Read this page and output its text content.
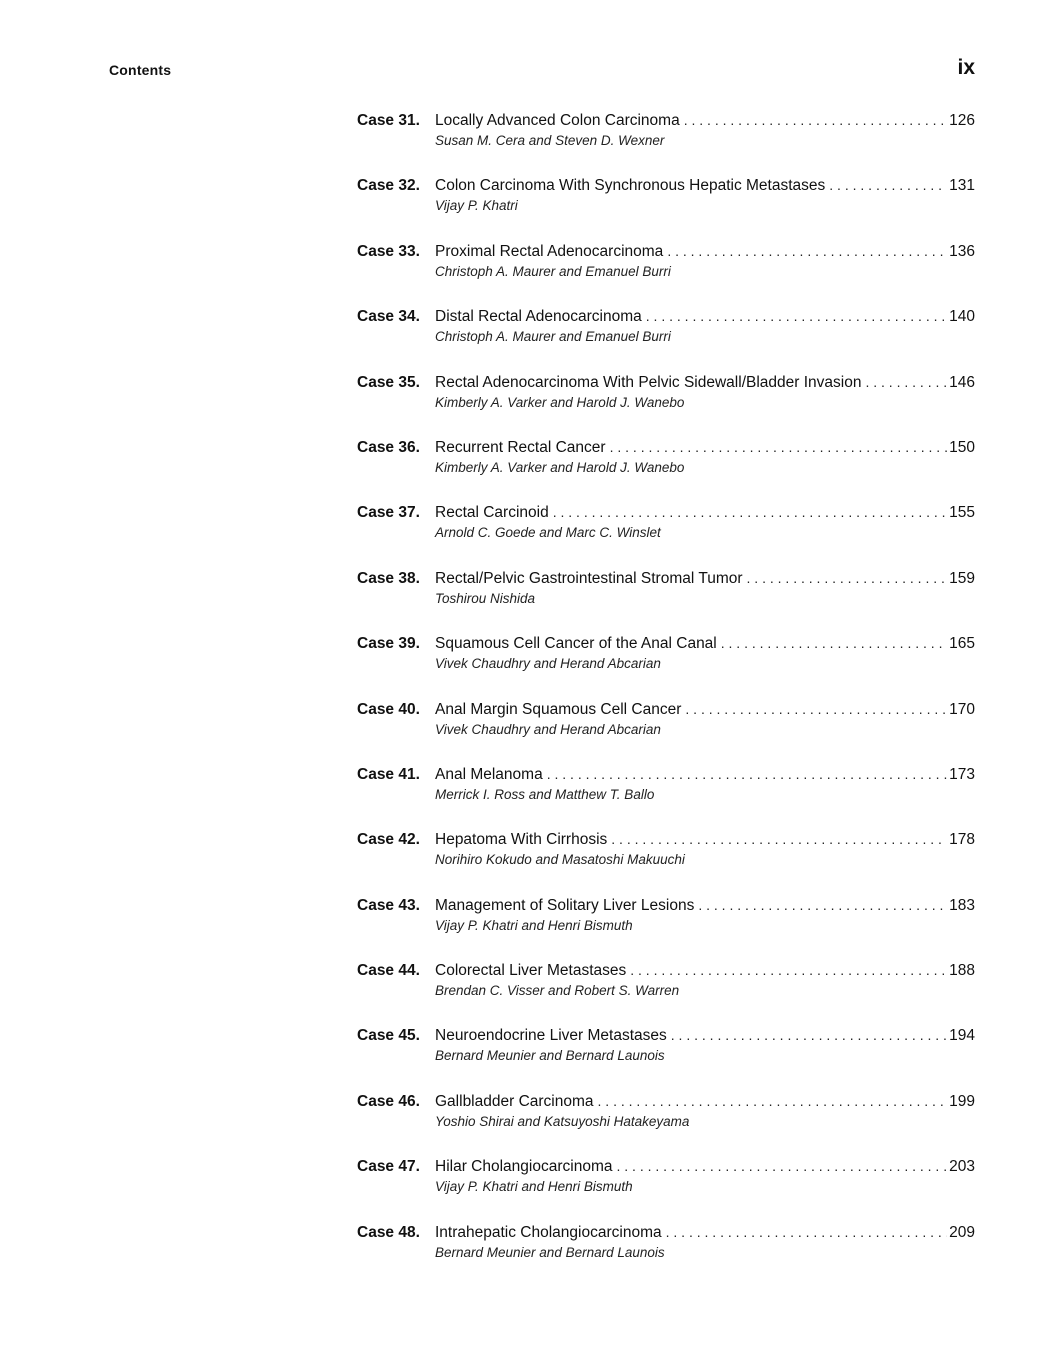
Contents	ix
Case 31. Locally Advanced Colon Carcinoma . . .	126
Susan M. Cera and Steven D. Wexner
Case 32. Colon Carcinoma With Synchronous Hepatic Metastases . . .	131
Vijay P. Khatri
Case 33. Proximal Rectal Adenocarcinoma . . .	136
Christoph A. Maurer and Emanuel Burri
Case 34. Distal Rectal Adenocarcinoma . . .	140
Christoph A. Maurer and Emanuel Burri
Case 35. Rectal Adenocarcinoma With Pelvic Sidewall/Bladder Invasion . . .	146
Kimberly A. Varker and Harold J. Wanebo
Case 36. Recurrent Rectal Cancer . . .	150
Kimberly A. Varker and Harold J. Wanebo
Case 37. Rectal Carcinoid . . .	155
Arnold C. Goede and Marc C. Winslet
Case 38. Rectal/Pelvic Gastrointestinal Stromal Tumor . . .	159
Toshirou Nishida
Case 39. Squamous Cell Cancer of the Anal Canal . . .	165
Vivek Chaudhry and Herand Abcarian
Case 40. Anal Margin Squamous Cell Cancer . . .	170
Vivek Chaudhry and Herand Abcarian
Case 41. Anal Melanoma . . .	173
Merrick I. Ross and Matthew T. Ballo
Case 42. Hepatoma With Cirrhosis . . .	178
Norihiro Kokudo and Masatoshi Makuuchi
Case 43. Management of Solitary Liver Lesions . . .	183
Vijay P. Khatri and Henri Bismuth
Case 44. Colorectal Liver Metastases . . .	188
Brendan C. Visser and Robert S. Warren
Case 45. Neuroendocrine Liver Metastases . . .	194
Bernard Meunier and Bernard Launois
Case 46. Gallbladder Carcinoma . . .	199
Yoshio Shirai and Katsuyoshi Hatakeyama
Case 47. Hilar Cholangiocarcinoma . . .	203
Vijay P. Khatri and Henri Bismuth
Case 48. Intrahepatic Cholangiocarcinoma . . .	209
Bernard Meunier and Bernard Launois
